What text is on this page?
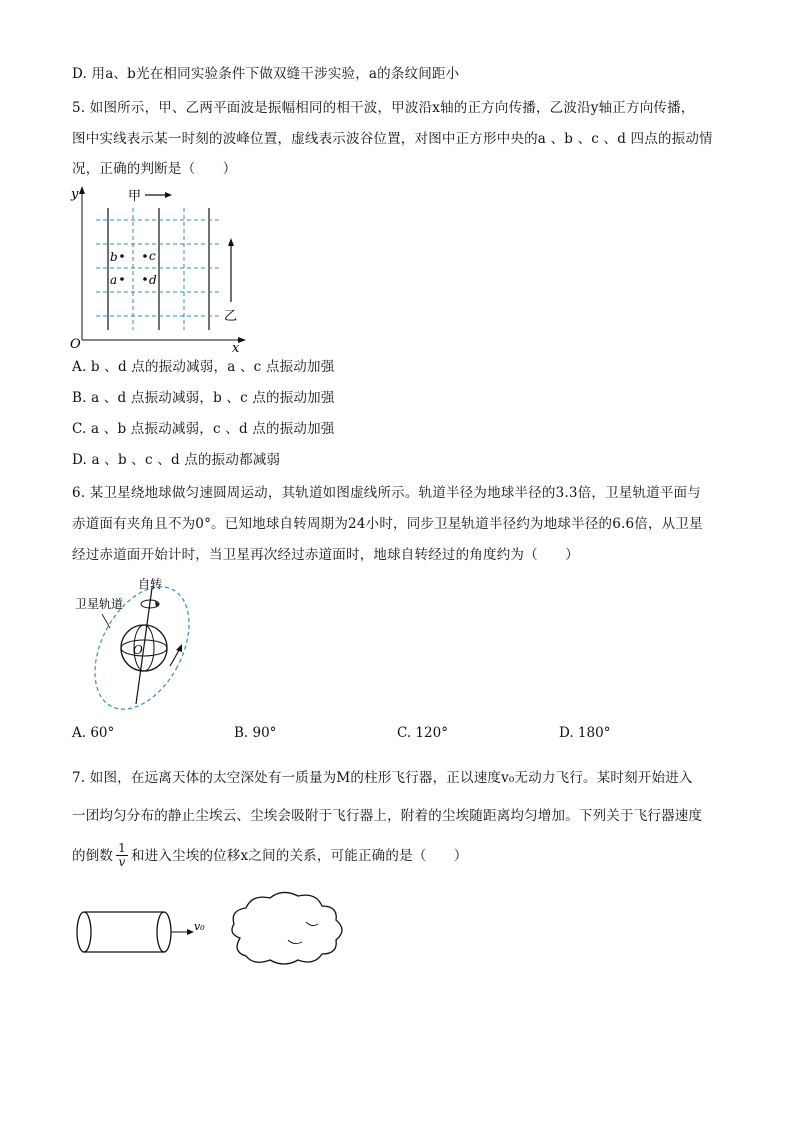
D. 用a、b光在相同实验条件下做双缝干涉实验，a的条纹间距小
5. 如图所示，甲、乙两平面波是振幅相同的相干波，甲波沿x轴的正方向传播，乙波沿y轴正方向传播，
图中实线表示某一时刻的波峰位置，虚线表示波谷位置，对图中正方形中央的a 、b 、c 、d 四点的振动情
况，正确的判断是（　　）
y
x
O
甲
乙
b	c
a	d
A. b 、d 点的振动减弱，a 、c 点振动加强
B. a 、d 点振动减弱，b 、c 点的振动加强
C. a 、b 点振动减弱，c 、d 点的振动加强
D. a 、b 、c 、d 点的振动都减弱
6. 某卫星绕地球做匀速圆周运动，其轨道如图虚线所示。轨道半径为地球半径的3.3倍，卫星轨道平面与
赤道面有夹角且不为0°。已知地球自转周期为24小时，同步卫星轨道半径约为地球半径的6.6倍，从卫星
经过赤道面开始计时，当卫星再次经过赤道面时，地球自转经过的角度约为（　　）
自转
卫星轨道
O
A. 60°	B. 90°	C. 120°	D. 180°
7. 如图，在远离天体的太空深处有一质量为M的柱形飞行器，正以速度v₀无动力飞行。某时刻开始进入
一团均匀分布的静止尘埃云、尘埃会吸附于飞行器上，附着的尘埃随距离均匀增加。下列关于飞行器速度
的倒数 $\frac{1}{v}$ 和进入尘埃的位移x之间的关系，可能正确的是（　　）
v₀
